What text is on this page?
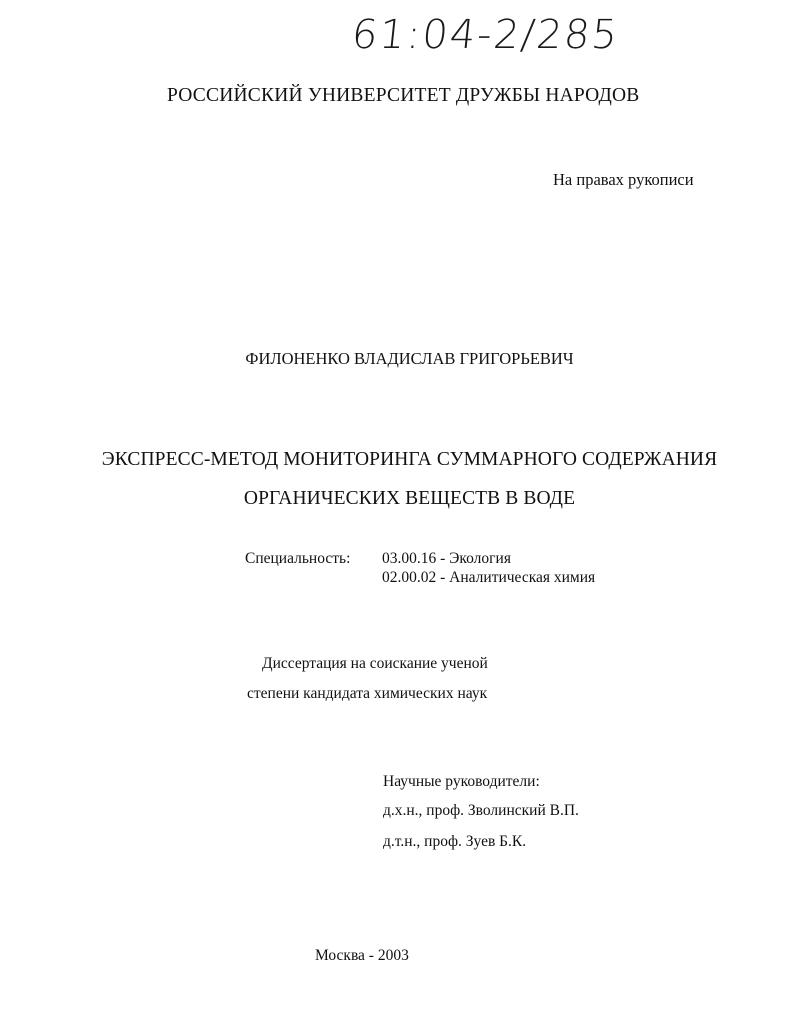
61:04-2/285
РОССИЙСКИЙ УНИВЕРСИТЕТ ДРУЖБЫ НАРОДОВ
На правах рукописи
ФИЛОНЕНКО ВЛАДИСЛАВ ГРИГОРЬЕВИЧ
ЭКСПРЕСС-МЕТОД МОНИТОРИНГА СУММАРНОГО СОДЕРЖАНИЯ
ОРГАНИЧЕСКИХ ВЕЩЕСТВ В ВОДЕ
Специальность: 03.00.16 - Экология
02.00.02 - Аналитическая химия
Диссертация на соискание ученой
степени кандидата химических наук
Научные руководители:
д.х.н., проф. Зволинский В.П.
д.т.н., проф. Зуев Б.К.
Москва - 2003
